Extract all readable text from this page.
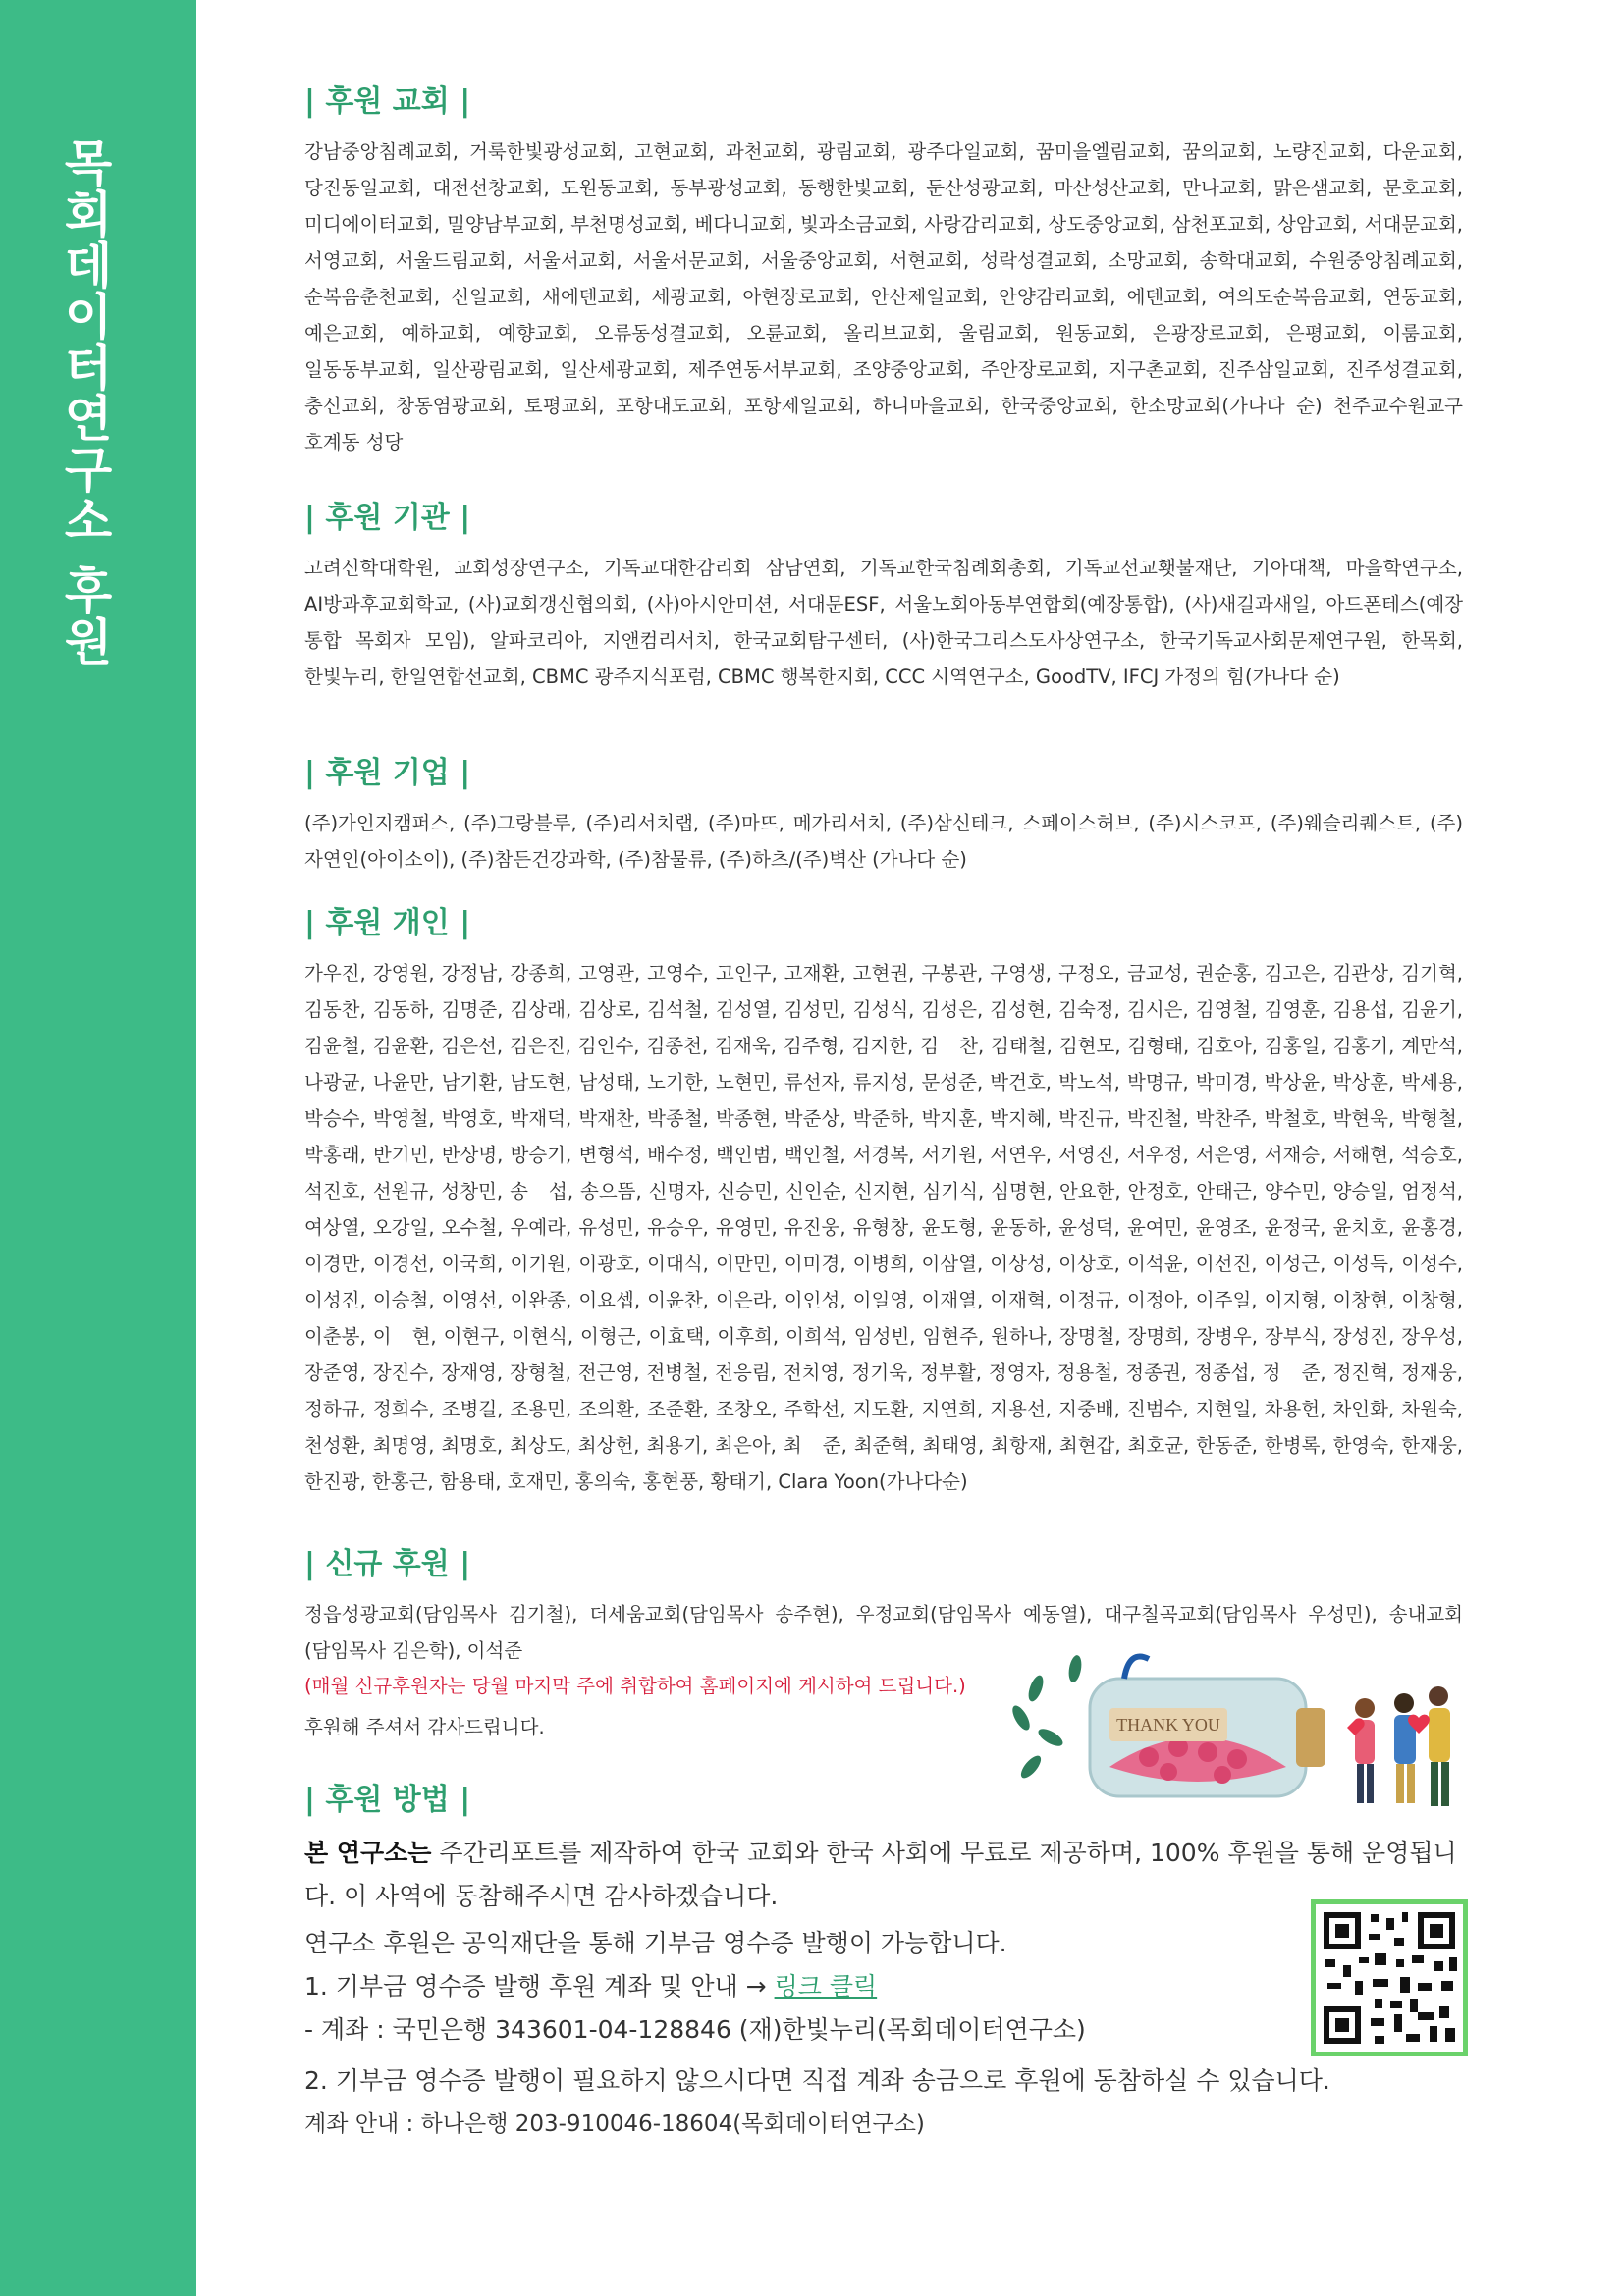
목회데이터연구소 후원
| 후원 교회 |

강남중앙침례교회, 거룩한빛광성교회, 고현교회, 과천교회, 광림교회, 광주다일교회, 꿈미을엘림교회, 꿈의교회, 노량진교회, 다운교회, 당진동일교회, 대전선창교회, 도원동교회, 동부광성교회, 동행한빛교회, 둔산성광교회, 마산성산교회, 만나교회, 맑은샘교회, 문호교회, 미디에이터교회, 밀양남부교회, 부천명성교회, 베다니교회, 빛과소금교회, 사랑감리교회, 상도중앙교회, 삼천포교회, 상암교회, 서대문교회, 서영교회, 서울드림교회, 서울서교회, 서울서문교회, 서울중앙교회, 서현교회, 성락성결교회, 소망교회, 송학대교회, 수원중앙침례교회, 순복음춘천교회, 신일교회, 새에덴교회, 세광교회, 아현장로교회, 안산제일교회, 안양감리교회, 에덴교회, 여의도순복음교회, 연동교회, 예은교회, 예하교회, 예향교회, 오류동성결교회, 오륜교회, 올리브교회, 울림교회, 원동교회, 은광장로교회, 은평교회, 이룸교회, 일동동부교회, 일산광림교회, 일산세광교회, 제주연동서부교회, 조양중앙교회, 주안장로교회, 지구촌교회, 진주삼일교회, 진주성결교회, 충신교회, 창동염광교회, 토평교회, 포항대도교회, 포항제일교회, 하니마을교회, 한국중앙교회, 한소망교회(가나다 순) 천주교수원교구 호계동 성당

| 후원 기관 |

고려신학대학원, 교회성장연구소, 기독교대한감리회 삼남연회, 기독교한국침례회총회, 기독교선교횃불재단, 기아대책, 마을학연구소, AI방과후교회학교, (사)교회갱신협의회, (사)아시안미션, 서대문ESF, 서울노회아동부연합회(예장통합), (사)새길과새일, 아드폰테스(예장 통합 목회자 모임), 알파코리아, 지앤컴리서치, 한국교회탐구센터, (사)한국그리스도사상연구소, 한국기독교사회문제연구원, 한목회, 한빛누리, 한일연합선교회, CBMC 광주지식포럼, CBMC 행복한지회, CCC 시역연구소, GoodTV, IFCJ 가정의 힘(가나다 순)

| 후원 기업 |

(주)가인지캠퍼스, (주)그랑블루, (주)리서치랩, (주)마뜨, 메가리서치, (주)삼신테크, 스페이스허브, (주)시스코프, (주)웨슬리퀘스트, (주)자연인(아이소이), (주)참든건강과학, (주)참물류, (주)하츠/(주)벽산 (가나다 순)

| 후원 개인 |

가우진, 강영원, 강정남, 강종희, 고영관, 고영수, 고인구, 고재환, 고현권, 구봉관, 구영생, 구정오, 금교성, 권순홍, 김고은, 김관상, 김기혁, 김동찬, 김동하, 김명준, 김상래, 김상로, 김석철, 김성열, 김성민, 김성식, 김성은, 김성현, 김숙정, 김시은, 김영철, 김영훈, 김용섭, 김윤기, 김윤철, 김윤환, 김은선, 김은진, 김인수, 김종천, 김재욱, 김주형, 김지한, 김　찬, 김태철, 김현모, 김형태, 김호아, 김홍일, 김홍기, 계만석, 나광균, 나윤만, 남기환, 남도현, 남성태, 노기한, 노현민, 류선자, 류지성, 문성준, 박건호, 박노석, 박명규, 박미경, 박상윤, 박상훈, 박세용, 박승수, 박영철, 박영호, 박재덕, 박재찬, 박종철, 박종현, 박준상, 박준하, 박지훈, 박지혜, 박진규, 박진철, 박찬주, 박철호, 박현욱, 박형철, 박홍래, 반기민, 반상명, 방승기, 변형석, 배수정, 백인범, 백인철, 서경복, 서기원, 서연우, 서영진, 서우정, 서은영, 서재승, 서해현, 석승호, 석진호, 선원규, 성창민, 송　섭, 송으뜸, 신명자, 신승민, 신인순, 신지현, 심기식, 심명현, 안요한, 안정호, 안태근, 양수민, 양승일, 엄정석, 여상열, 오강일, 오수철, 우예라, 유성민, 유승우, 유영민, 유진웅, 유형창, 윤도형, 윤동하, 윤성덕, 윤여민, 윤영조, 윤정국, 윤치호, 윤홍경, 이경만, 이경선, 이국희, 이기원, 이광호, 이대식, 이만민, 이미경, 이병희, 이삼열, 이상성, 이상호, 이석윤, 이선진, 이성근, 이성득, 이성수, 이성진, 이승철, 이영선, 이완종, 이요셉, 이윤찬, 이은라, 이인성, 이일영, 이재열, 이재혁, 이정규, 이정아, 이주일, 이지형, 이창현, 이창형, 이춘봉, 이　현, 이현구, 이현식, 이형근, 이효택, 이후희, 이희석, 임성빈, 임현주, 원하나, 장명철, 장명희, 장병우, 장부식, 장성진, 장우성, 장준영, 장진수, 장재영, 장형철, 전근영, 전병철, 전응림, 전치영, 정기욱, 정부활, 정영자, 정용철, 정종권, 정종섭, 정　준, 정진혁, 정재웅, 정하규, 정희수, 조병길, 조용민, 조의환, 조준환, 조창오, 주학선, 지도환, 지연희, 지용선, 지중배, 진범수, 지현일, 차용헌, 차인화, 차원숙, 천성환, 최명영, 최명호, 최상도, 최상헌, 최용기, 최은아, 최　준, 최준혁, 최태영, 최항재, 최현갑, 최호균, 한동준, 한병록, 한영숙, 한재웅, 한진광, 한홍근, 함용태, 호재민, 홍의숙, 홍현풍, 황태기, Clara Yoon(가나다순)

| 신규 후원 |

정읍성광교회(담임목사 김기철), 더세움교회(담임목사 송주현), 우정교회(담임목사 예동열), 대구칠곡교회(담임목사 우성민), 송내교회(담임목사 김은학), 이석준

(매월 신규후원자는 당월 마지막 주에 취합하여 홈페이지에 게시하여 드립니다.)

후원해 주셔서 감사드립니다.	THANK YOU
| 후원 방법 |

본 연구소는 주간리포트를 제작하여 한국 교회와 한국 사회에 무료로 제공하며, 100% 후원을 통해 운영됩니다. 이 사역에 동참해주시면 감사하겠습니다.

연구소 후원은 공익재단을 통해 기부금 영수증 발행이 가능합니다.

1. 기부금 영수증 발행 후원 계좌 및 안내 → 링크 클릭

- 계좌 : 국민은행 343601-04-128846 (재)한빛누리(목회데이터연구소)

2. 기부금 영수증 발행이 필요하지 않으시다면 직접 계좌 송금으로 후원에 동참하실 수 있습니다.

계좌 안내 : 하나은행 203-910046-18604(목회데이터연구소)
